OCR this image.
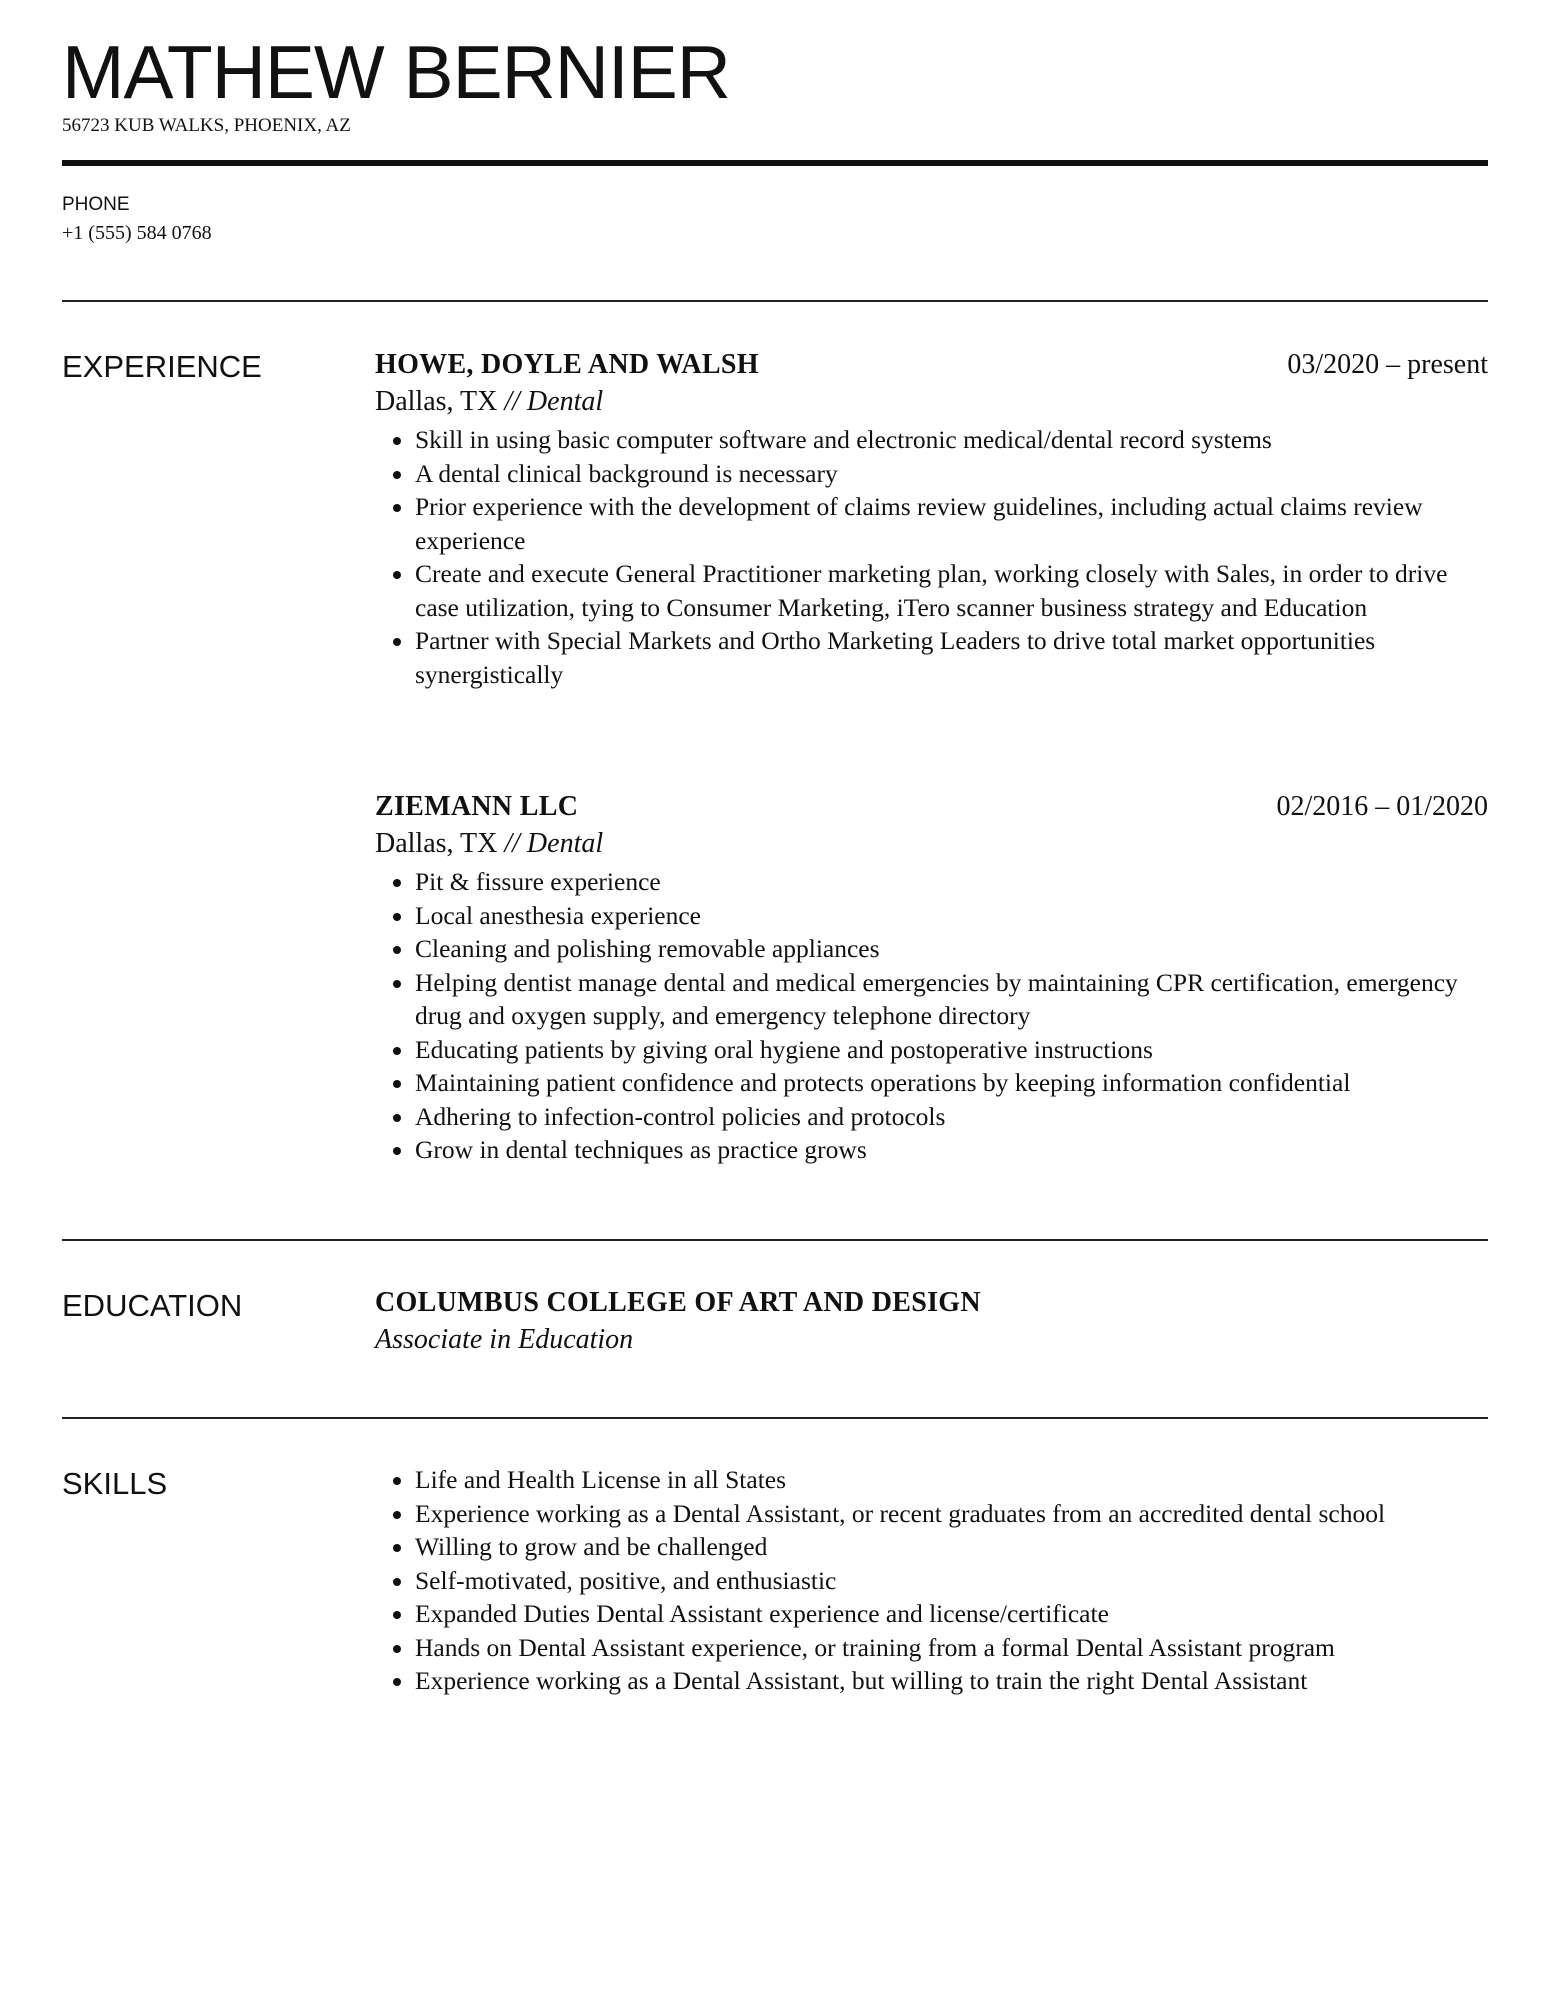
MATHEW BERNIER
56723 KUB WALKS, PHOENIX, AZ
PHONE
+1 (555) 584 0768
EXPERIENCE	HOWE, DOYLE AND WALSH	03/2020 – present
Dallas, TX // Dental
• Skill in using basic computer software and electronic medical/dental record systems
• A dental clinical background is necessary
• Prior experience with the development of claims review guidelines, including actual claims review experience
• Create and execute General Practitioner marketing plan, working closely with Sales, in order to drive case utilization, tying to Consumer Marketing, iTero scanner business strategy and Education
• Partner with Special Markets and Ortho Marketing Leaders to drive total market opportunities synergistically
ZIEMANN LLC	02/2016 – 01/2020
Dallas, TX // Dental
• Pit & fissure experience
• Local anesthesia experience
• Cleaning and polishing removable appliances
• Helping dentist manage dental and medical emergencies by maintaining CPR certification, emergency drug and oxygen supply, and emergency telephone directory
• Educating patients by giving oral hygiene and postoperative instructions
• Maintaining patient confidence and protects operations by keeping information confidential
• Adhering to infection-control policies and protocols
• Grow in dental techniques as practice grows
EDUCATION	COLUMBUS COLLEGE OF ART AND DESIGN
Associate in Education
SKILLS	• Life and Health License in all States
• Experience working as a Dental Assistant, or recent graduates from an accredited dental school
• Willing to grow and be challenged
• Self-motivated, positive, and enthusiastic
• Expanded Duties Dental Assistant experience and license/certificate
• Hands on Dental Assistant experience, or training from a formal Dental Assistant program
• Experience working as a Dental Assistant, but willing to train the right Dental Assistant
